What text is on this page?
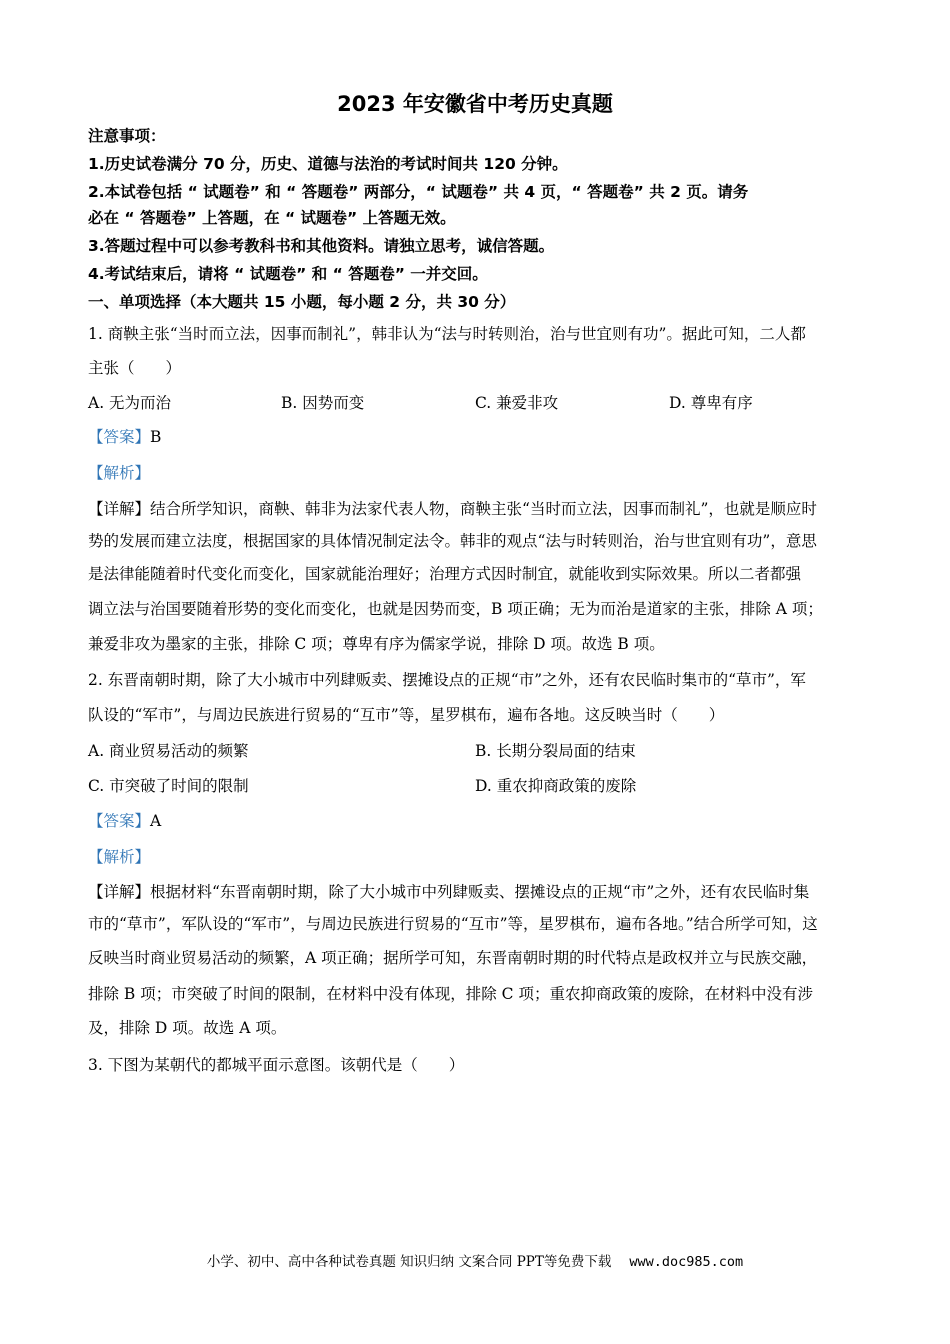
2023 年安徽省中考历史真题
注意事项：
1.历史试卷满分 70 分，历史、道德与法治的考试时间共 120 分钟。
2.本试卷包括 “ 试题卷” 和 “ 答题卷” 两部分，“ 试题卷” 共 4 页，“ 答题卷” 共 2 页。请务
必在 “ 答题卷” 上答题，在 “ 试题卷” 上答题无效。
3.答题过程中可以参考教科书和其他资料。请独立思考，诚信答题。
4.考试结束后，请将 “ 试题卷” 和 “ 答题卷” 一并交回。
一、单项选择（本大题共 15 小题，每小题 2 分，共 30 分）
1. 商鞅主张“当时而立法，因事而制礼”，韩非认为“法与时转则治，治与世宜则有功”。据此可知，二人都
主张（　　）
A. 无为而治	B. 因势而变	C. 兼爱非攻	D. 尊卑有序
【答案】B
【解析】
【详解】结合所学知识，商鞅、韩非为法家代表人物，商鞅主张“当时而立法，因事而制礼”，也就是顺应时
势的发展而建立法度，根据国家的具体情况制定法令。韩非的观点“法与时转则治，治与世宜则有功”，意思
是法律能随着时代变化而变化，国家就能治理好；治理方式因时制宜，就能收到实际效果。所以二者都强
调立法与治国要随着形势的变化而变化，也就是因势而变，B 项正确；无为而治是道家的主张，排除 A 项；
兼爱非攻为墨家的主张，排除 C 项；尊卑有序为儒家学说，排除 D 项。故选 B 项。
2. 东晋南朝时期，除了大小城市中列肆贩卖、摆摊设点的正规“市”之外，还有农民临时集市的“草市”，军
队设的“军市”，与周边民族进行贸易的“互市”等，星罗棋布，遍布各地。这反映当时（　　）
A. 商业贸易活动的频繁	B. 长期分裂局面的结束
C. 市突破了时间的限制	D. 重农抑商政策的废除
【答案】A
【解析】
【详解】根据材料“东晋南朝时期，除了大小城市中列肆贩卖、摆摊设点的正规“市”之外，还有农民临时集
市的“草市”，军队设的“军市”，与周边民族进行贸易的“互市”等，星罗棋布，遍布各地。”结合所学可知，这
反映当时商业贸易活动的频繁，A 项正确；据所学可知，东晋南朝时期的时代特点是政权并立与民族交融，
排除 B 项；市突破了时间的限制，在材料中没有体现，排除 C 项；重农抑商政策的废除，在材料中没有涉
及，排除 D 项。故选 A 项。
3. 下图为某朝代的都城平面示意图。该朝代是（　　）
小学、初中、高中各种试卷真题 知识归纳 文案合同 PPT等免费下载 www.doc985.com
